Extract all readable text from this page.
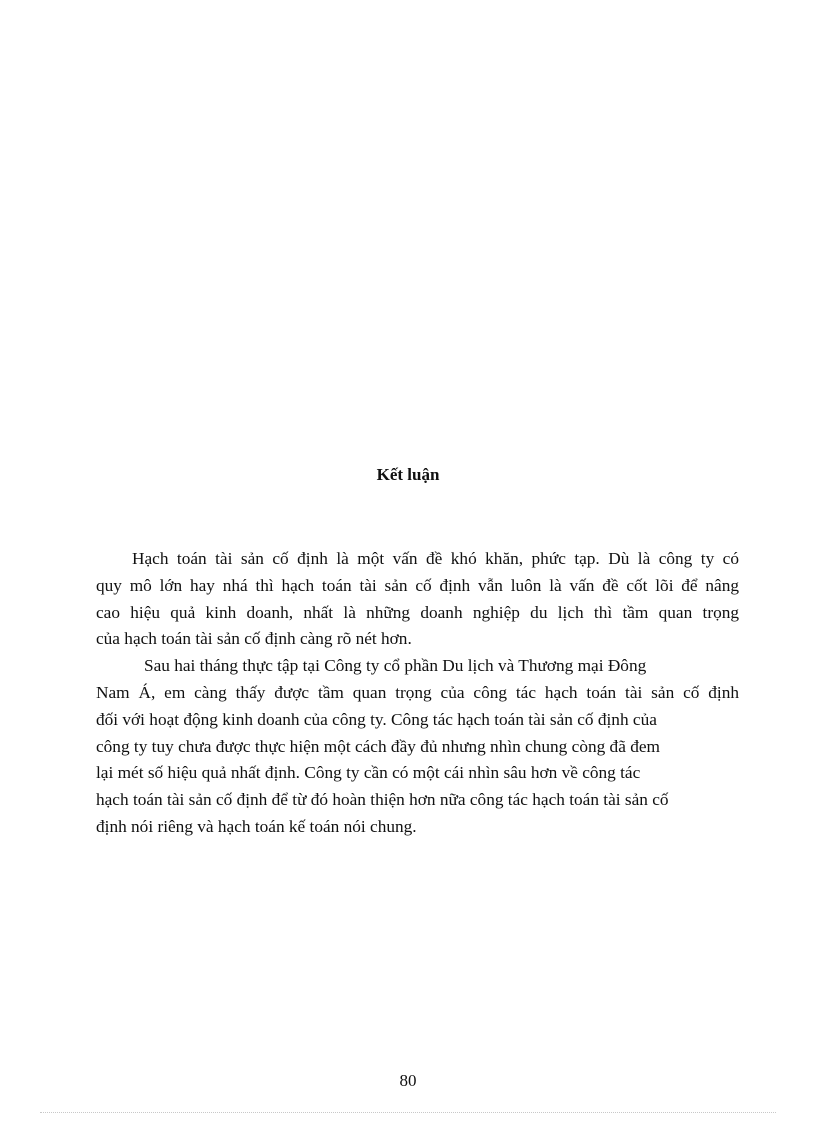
Kết luận
Hạch toán tài sản cố định là một vấn đề khó khăn, phức tạp. Dù là công ty có
quy mô lớn hay nhá thì hạch toán tài sản cố định vẫn luôn là vấn đề cốt lõi để nâng
cao hiệu quả kinh doanh, nhất là những doanh nghiệp du lịch thì tầm quan trọng
của hạch toán tài sản cố định càng rõ nét hơn.
Sau hai tháng thực tập tại Công ty cổ phần Du lịch và Thương mại Đông
Nam Á, em càng thấy được tầm quan trọng của công tác hạch toán tài sản cố định
đối với hoạt động kinh doanh của công ty. Công tác hạch toán tài sản cố định của
công ty tuy chưa được thực hiện một cách đầy đủ nhưng nhìn chung còng đã đem
lại mét số hiệu quả nhất định. Công ty cần có một cái nhìn sâu hơn về công tác
hạch toán tài sản cố định để từ đó hoàn thiện hơn nữa công tác hạch toán tài sản cố
định nói riêng và hạch toán kế toán nói chung.
80
